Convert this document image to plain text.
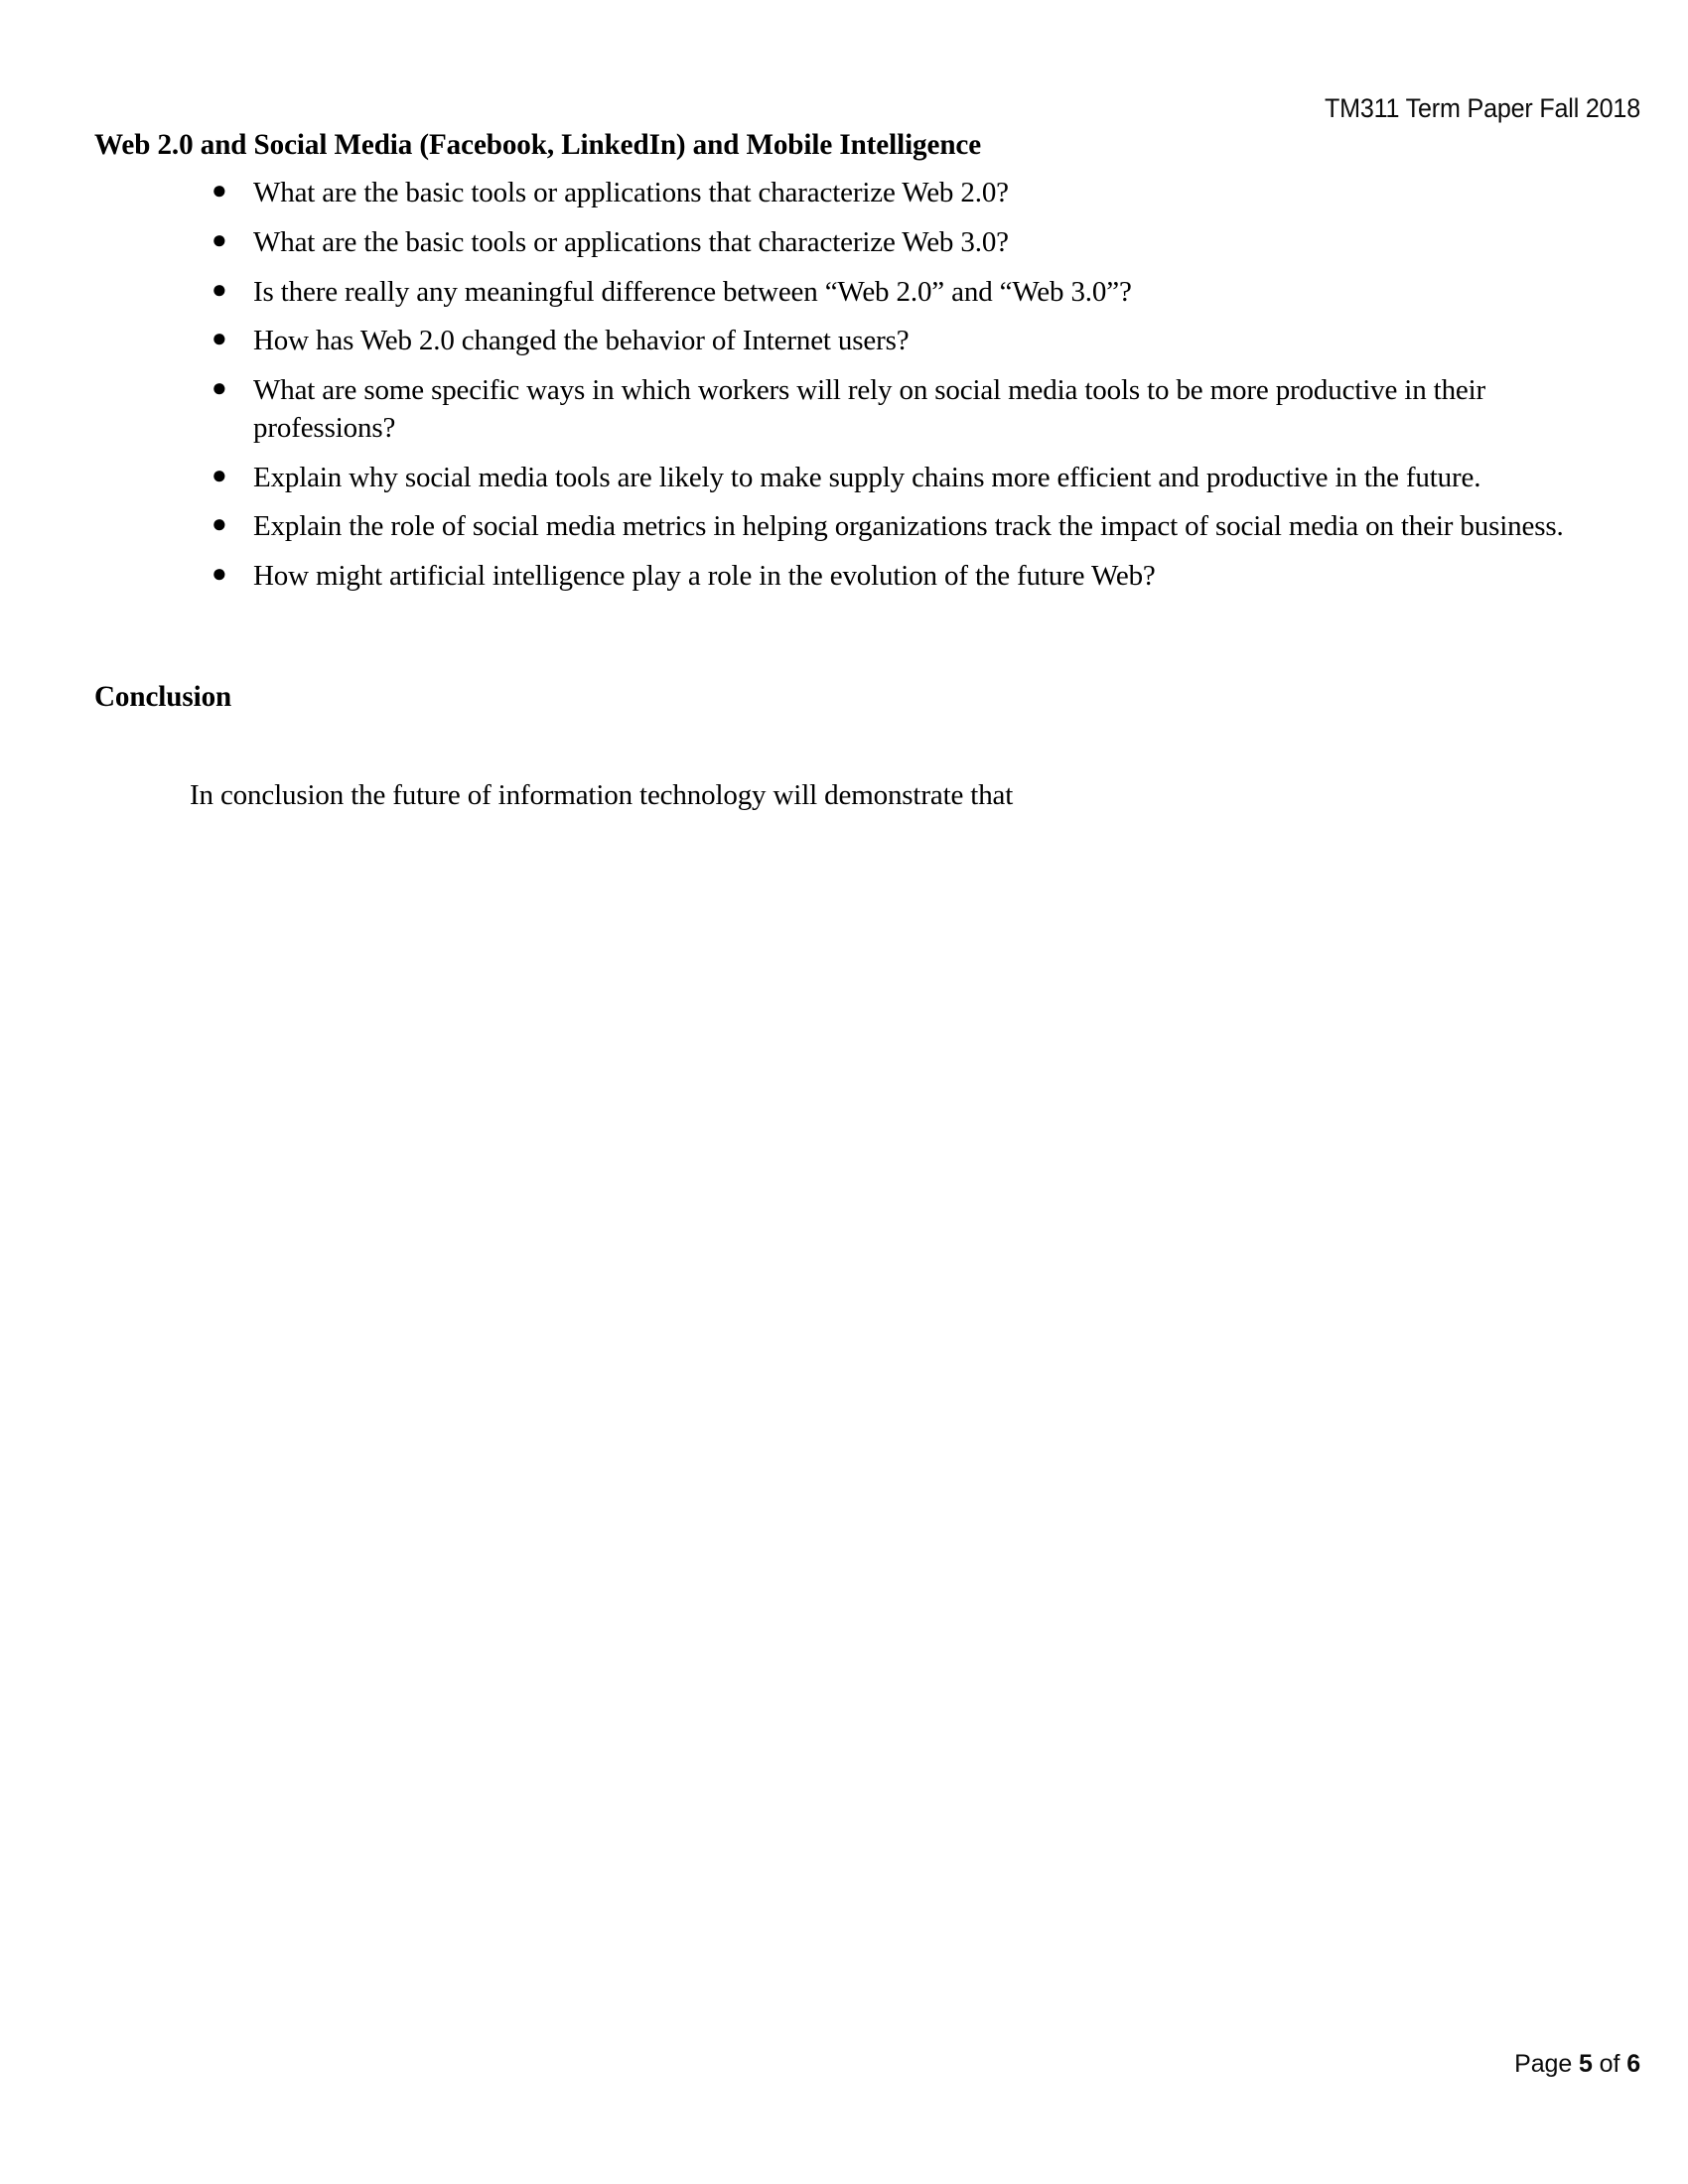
TM311 Term Paper Fall 2018
Web 2.0 and Social Media (Facebook, LinkedIn) and Mobile Intelligence
● What are the basic tools or applications that characterize Web 2.0?
● What are the basic tools or applications that characterize Web 3.0?
● Is there really any meaningful difference between “Web 2.0” and “Web 3.0”?
● How has Web 2.0 changed the behavior of Internet users?
● What are some specific ways in which workers will rely on social media tools to be more productive in their professions?
● Explain why social media tools are likely to make supply chains more efficient and productive in the future.
● Explain the role of social media metrics in helping organizations track the impact of social media on their business.
● How might artificial intelligence play a role in the evolution of the future Web?
Conclusion

In conclusion the future of information technology will demonstrate that

Page 5 of 6
